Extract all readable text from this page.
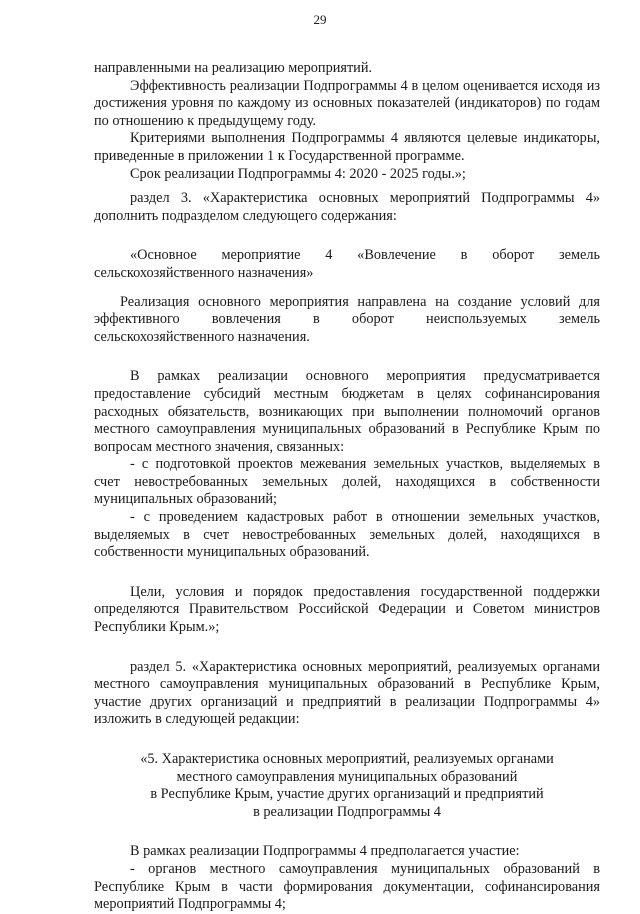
29

направленными на реализацию мероприятий.

Эффективность реализации Подпрограммы 4 в целом оценивается исходя из достижения уровня по каждому из основных показателей (индикаторов) по годам по отношению к предыдущему году.

Критериями выполнения Подпрограммы 4 являются целевые индикаторы, приведенные в приложении 1 к Государственной программе.

Срок реализации Подпрограммы 4: 2020 - 2025 годы.»;

раздел 3. «Характеристика основных мероприятий Подпрограммы 4» дополнить подразделом следующего содержания:

«Основное мероприятие 4 «Вовлечение в оборот земель сельскохозяйственного назначения»

Реализация основного мероприятия направлена на создание условий для эффективного вовлечения в оборот неиспользуемых земель сельскохозяйственного назначения.

В рамках реализации основного мероприятия предусматривается предоставление субсидий местным бюджетам в целях софинансирования расходных обязательств, возникающих при выполнении полномочий органов местного самоуправления муниципальных образований в Республике Крым по вопросам местного значения, связанных:

- с подготовкой проектов межевания земельных участков, выделяемых в счет невостребованных земельных долей, находящихся в собственности муниципальных образований;

- с проведением кадастровых работ в отношении земельных участков, выделяемых в счет невостребованных земельных долей, находящихся в собственности муниципальных образований.

Цели, условия и порядок предоставления государственной поддержки определяются Правительством Российской Федерации и Советом министров Республики Крым.»;

раздел 5. «Характеристика основных мероприятий, реализуемых органами местного самоуправления муниципальных образований в Республике Крым, участие других организаций и предприятий в реализации Подпрограммы 4» изложить в следующей редакции:

«5. Характеристика основных мероприятий, реализуемых органами

местного самоуправления муниципальных образований

в Республике Крым, участие других организаций и предприятий

в реализации Подпрограммы 4

В рамках реализации Подпрограммы 4 предполагается участие:

- органов местного самоуправления муниципальных образований в Республике Крым в части формирования документации, софинансирования мероприятий Подпрограммы 4;
